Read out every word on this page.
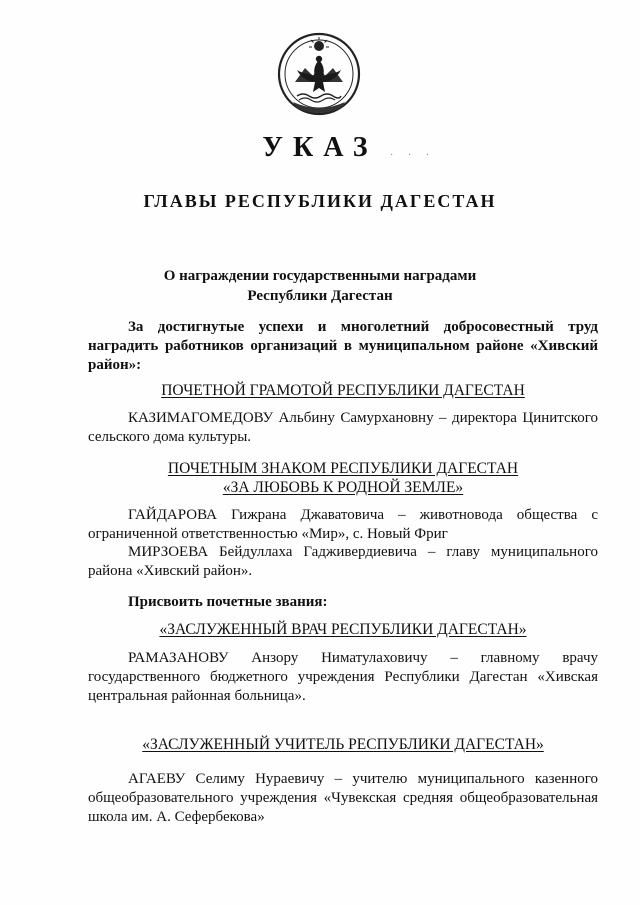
УКАЗ	· · ·
ГЛАВЫ РЕСПУБЛИКИ ДАГЕСТАН
О награждении государственными наградами
Республики Дагестан
За достигнутые успехи и многолетний добросовестный труд наградить работников организаций в муниципальном районе «Хивский район»:
ПОЧЕТНОЙ ГРАМОТОЙ РЕСПУБЛИКИ ДАГЕСТАН
КАЗИМАГОМЕДОВУ Альбину Самурхановну – директора Цинитского сельского дома культуры.
ПОЧЕТНЫМ ЗНАКОМ РЕСПУБЛИКИ ДАГЕСТАН
«ЗА ЛЮБОВЬ К РОДНОЙ ЗЕМЛЕ»
ГАЙДАРОВА Гижрана Джаватовича – животновода общества с ограниченной ответственностью «Мир», с. Новый Фриг
МИРЗОЕВА Бейдуллаха Гадживердиевича – главу муниципального района «Хивский район».
Присвоить почетные звания:
«ЗАСЛУЖЕННЫЙ ВРАЧ РЕСПУБЛИКИ ДАГЕСТАН»
РАМАЗАНОВУ Анзору Ниматулаховичу – главному врачу государственного бюджетного учреждения Республики Дагестан «Хивская центральная районная больница».
«ЗАСЛУЖЕННЫЙ УЧИТЕЛЬ РЕСПУБЛИКИ ДАГЕСТАН»
АГАЕВУ Селиму Нураевичу – учителю муниципального казенного общеобразовательного учреждения «Чувекская средняя общеобразовательная школа им. А. Сефербекова»
